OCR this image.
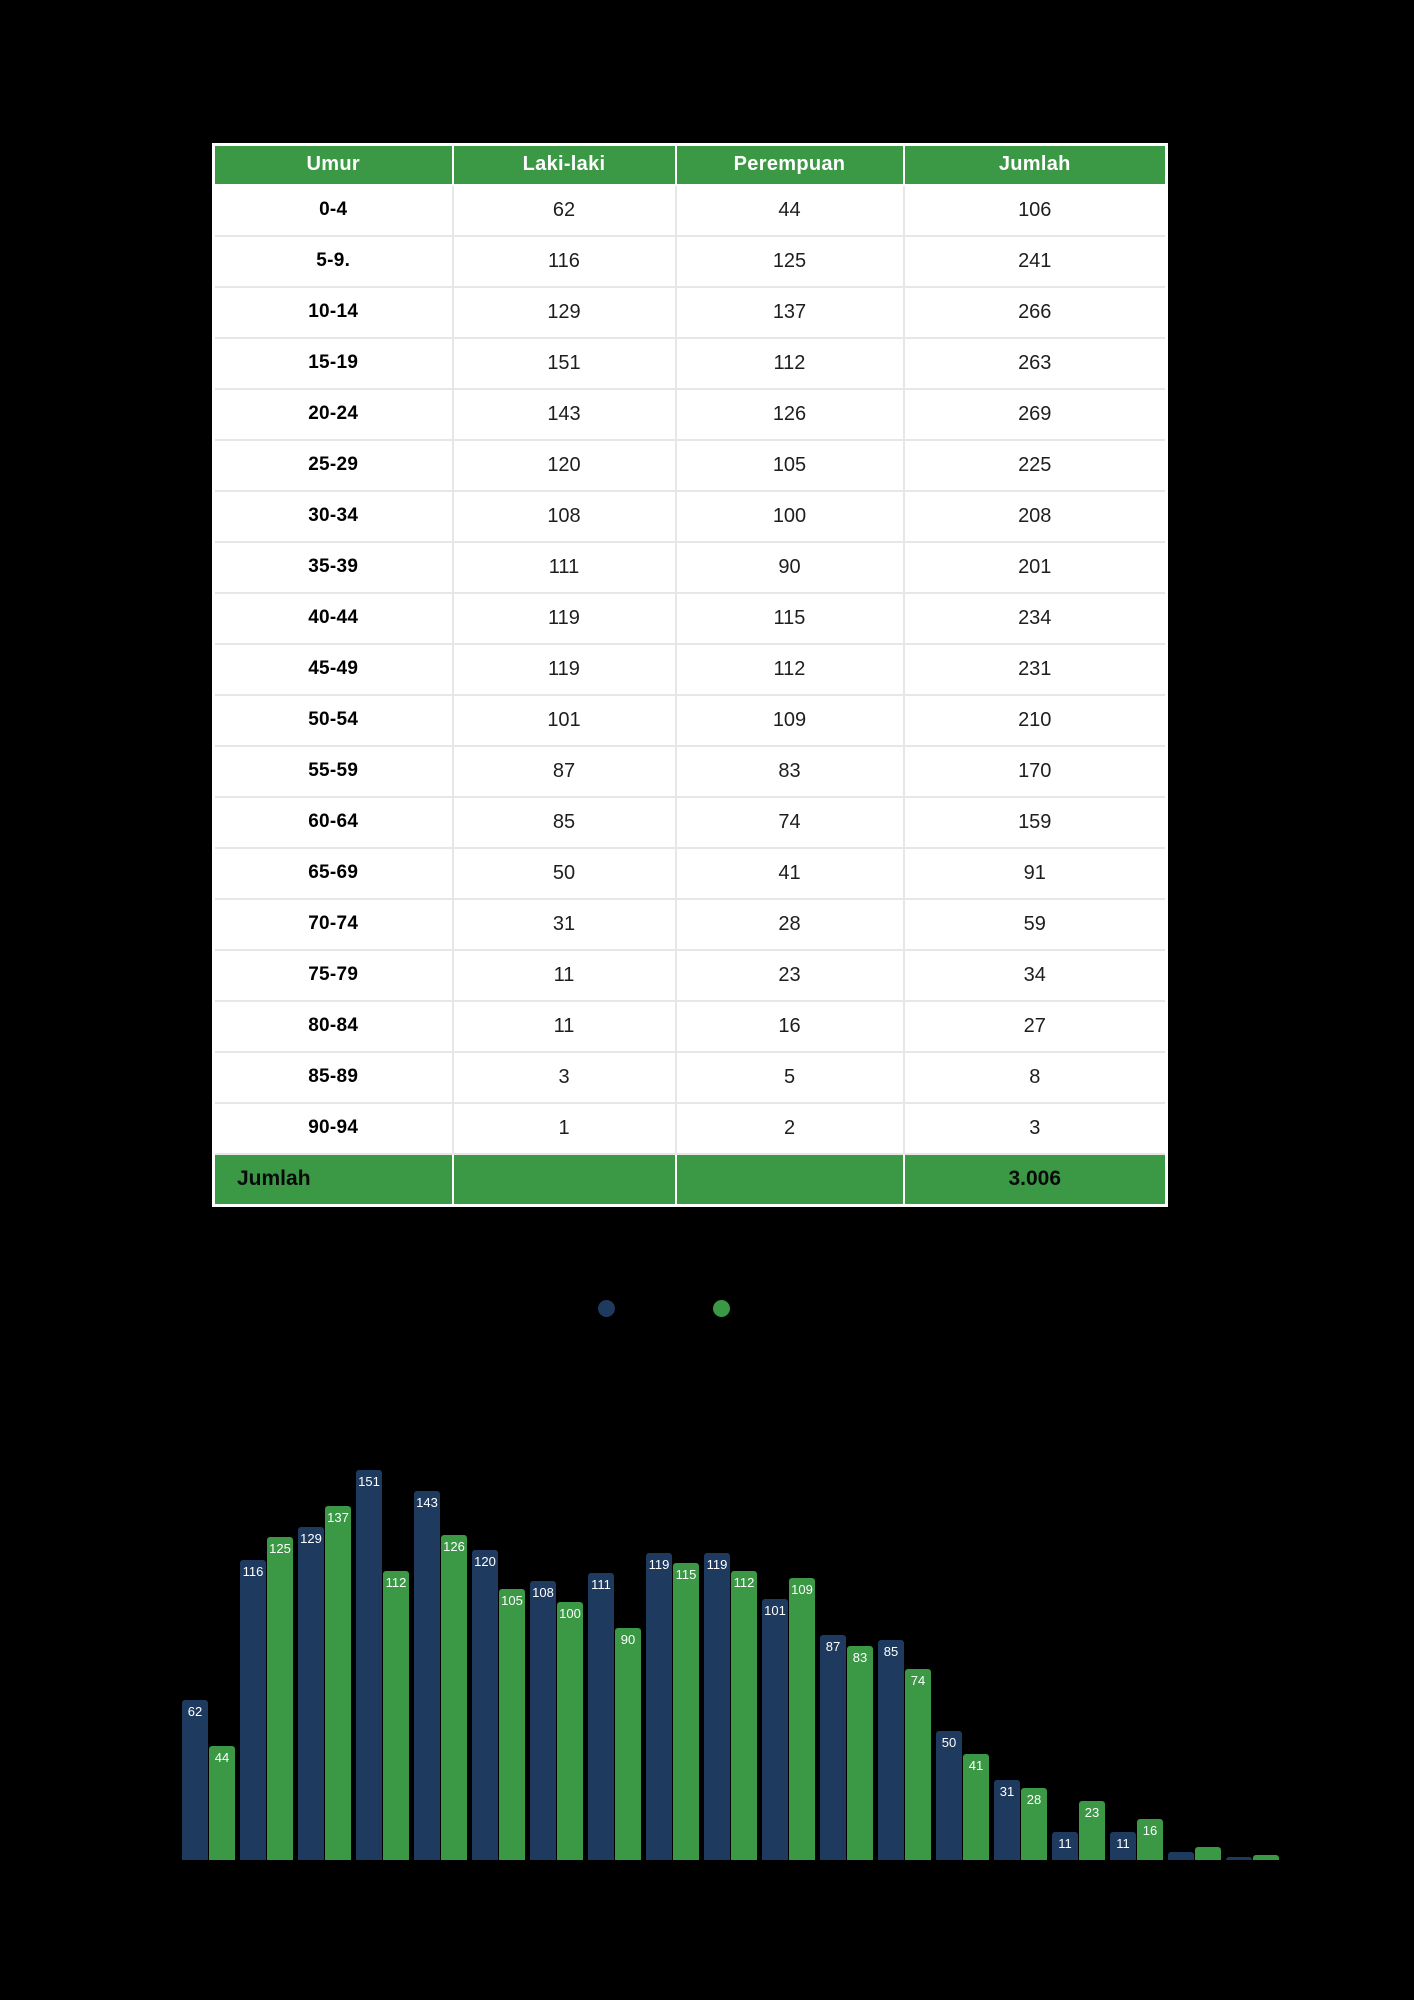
Umur	Laki-laki	Perempuan	Jumlah
0-4	62	44	106
5-9.	116	125	241
10-14	129	137	266
15-19	151	112	263
20-24	143	126	269
25-29	120	105	225
30-34	108	100	208
35-39	111	90	201
40-44	119	115	234
45-49	119	112	231
50-54	101	109	210
55-59	87	83	170
60-64	85	74	159
65-69	50	41	91
70-74	31	28	59
75-79	11	23	34
80-84	11	16	27
85-89	3	5	8
90-94	1	2	3
Jumlah			3.006
Laki-laki	Perempuan
62
44
116
125
129
137
151
112
143
126
120
105
108
100
111
90
119
115
119
112
101
109
87
83	85
74
50
41
31
28
11
23
11
16
0-4	5-9.	10-14	15-19	20-24	25-29	30-34	35-39	40-44	45-49	50-54	55-59	60-64	65-69	70-74	75-79	80-84	85-89	90-94
